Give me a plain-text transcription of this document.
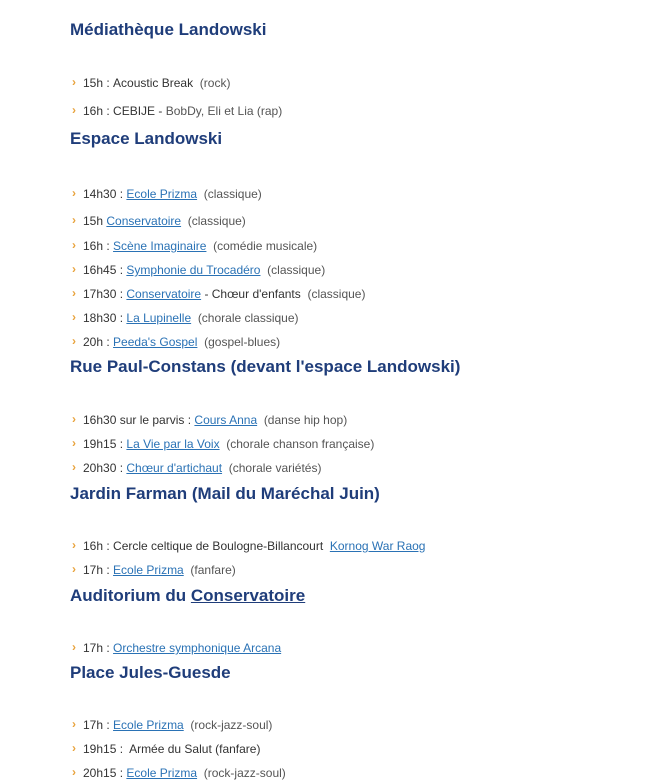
Médiathèque Landowski
› 15h : Acoustic Break (rock)
› 16h : CEBIJE - BobDy, Eli et Lia (rap)
Espace Landowski
› 14h30 : Ecole Prizma (classique)
› 15h Conservatoire (classique)
› 16h : Scène Imaginaire (comédie musicale)
› 16h45 : Symphonie du Trocadéro (classique)
› 17h30 : Conservatoire - Chœur d'enfants (classique)
› 18h30 : La Lupinelle (chorale classique)
› 20h : Peeda's Gospel (gospel-blues)
Rue Paul-Constans (devant l'espace Landowski)
› 16h30 sur le parvis : Cours Anna (danse hip hop)
› 19h15 : La Vie par la Voix (chorale chanson française)
› 20h30 : Chœur d'artichaut (chorale variétés)
Jardin Farman (Mail du Maréchal Juin)
› 16h : Cercle celtique de Boulogne-Billancourt Kornog War Raog
› 17h : Ecole Prizma (fanfare)
Auditorium du Conservatoire
› 17h : Orchestre symphonique Arcana
Place Jules-Guesde
› 17h : Ecole Prizma (rock-jazz-soul)
› 19h15 :  Armée du Salut (fanfare)
› 20h15 : Ecole Prizma (rock-jazz-soul)
